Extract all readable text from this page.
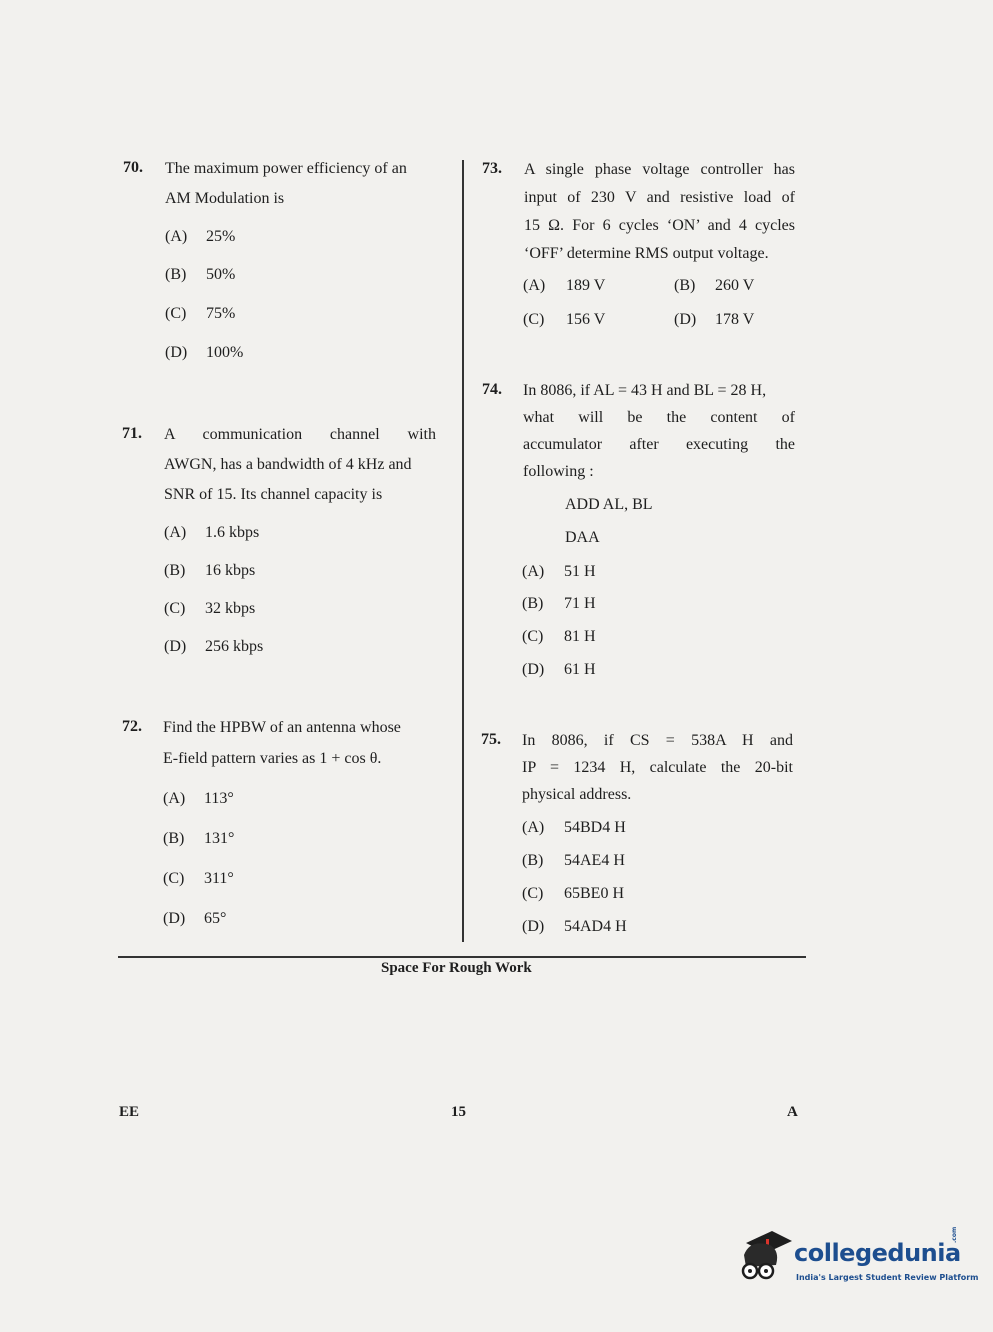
70. The maximum power efficiency of an
AM Modulation is
(A) 25%
(B) 50%
(C) 75%
(D) 100%
71. A communication channel with
AWGN, has a bandwidth of 4 kHz and
SNR of 15. Its channel capacity is
(A) 1.6 kbps
(B) 16 kbps
(C) 32 kbps
(D) 256 kbps
72. Find the HPBW of an antenna whose
E-field pattern varies as 1 + cos θ.
(A) 113°
(B) 131°
(C) 311°
(D) 65°
73. A single phase voltage controller has
input of 230 V and resistive load of
15 Ω. For 6 cycles ‘ON’ and 4 cycles
‘OFF’ determine RMS output voltage.
(A) 189 V	(B) 260 V
(C) 156 V	(D) 178 V
74. In 8086, if AL = 43 H and BL = 28 H,
what will be the content of
accumulator after executing the
following :
ADD AL, BL
DAA
(A) 51 H
(B) 71 H
(C) 81 H
(D) 61 H
75. In 8086, if CS = 538A H and
IP = 1234 H, calculate the 20-bit
physical address.
(A) 54BD4 H
(B) 54AE4 H
(C) 65BE0 H
(D) 54AD4 H
Space For Rough Work
EE	15	A
collegedunia
.com
India's Largest Student Review Platform
